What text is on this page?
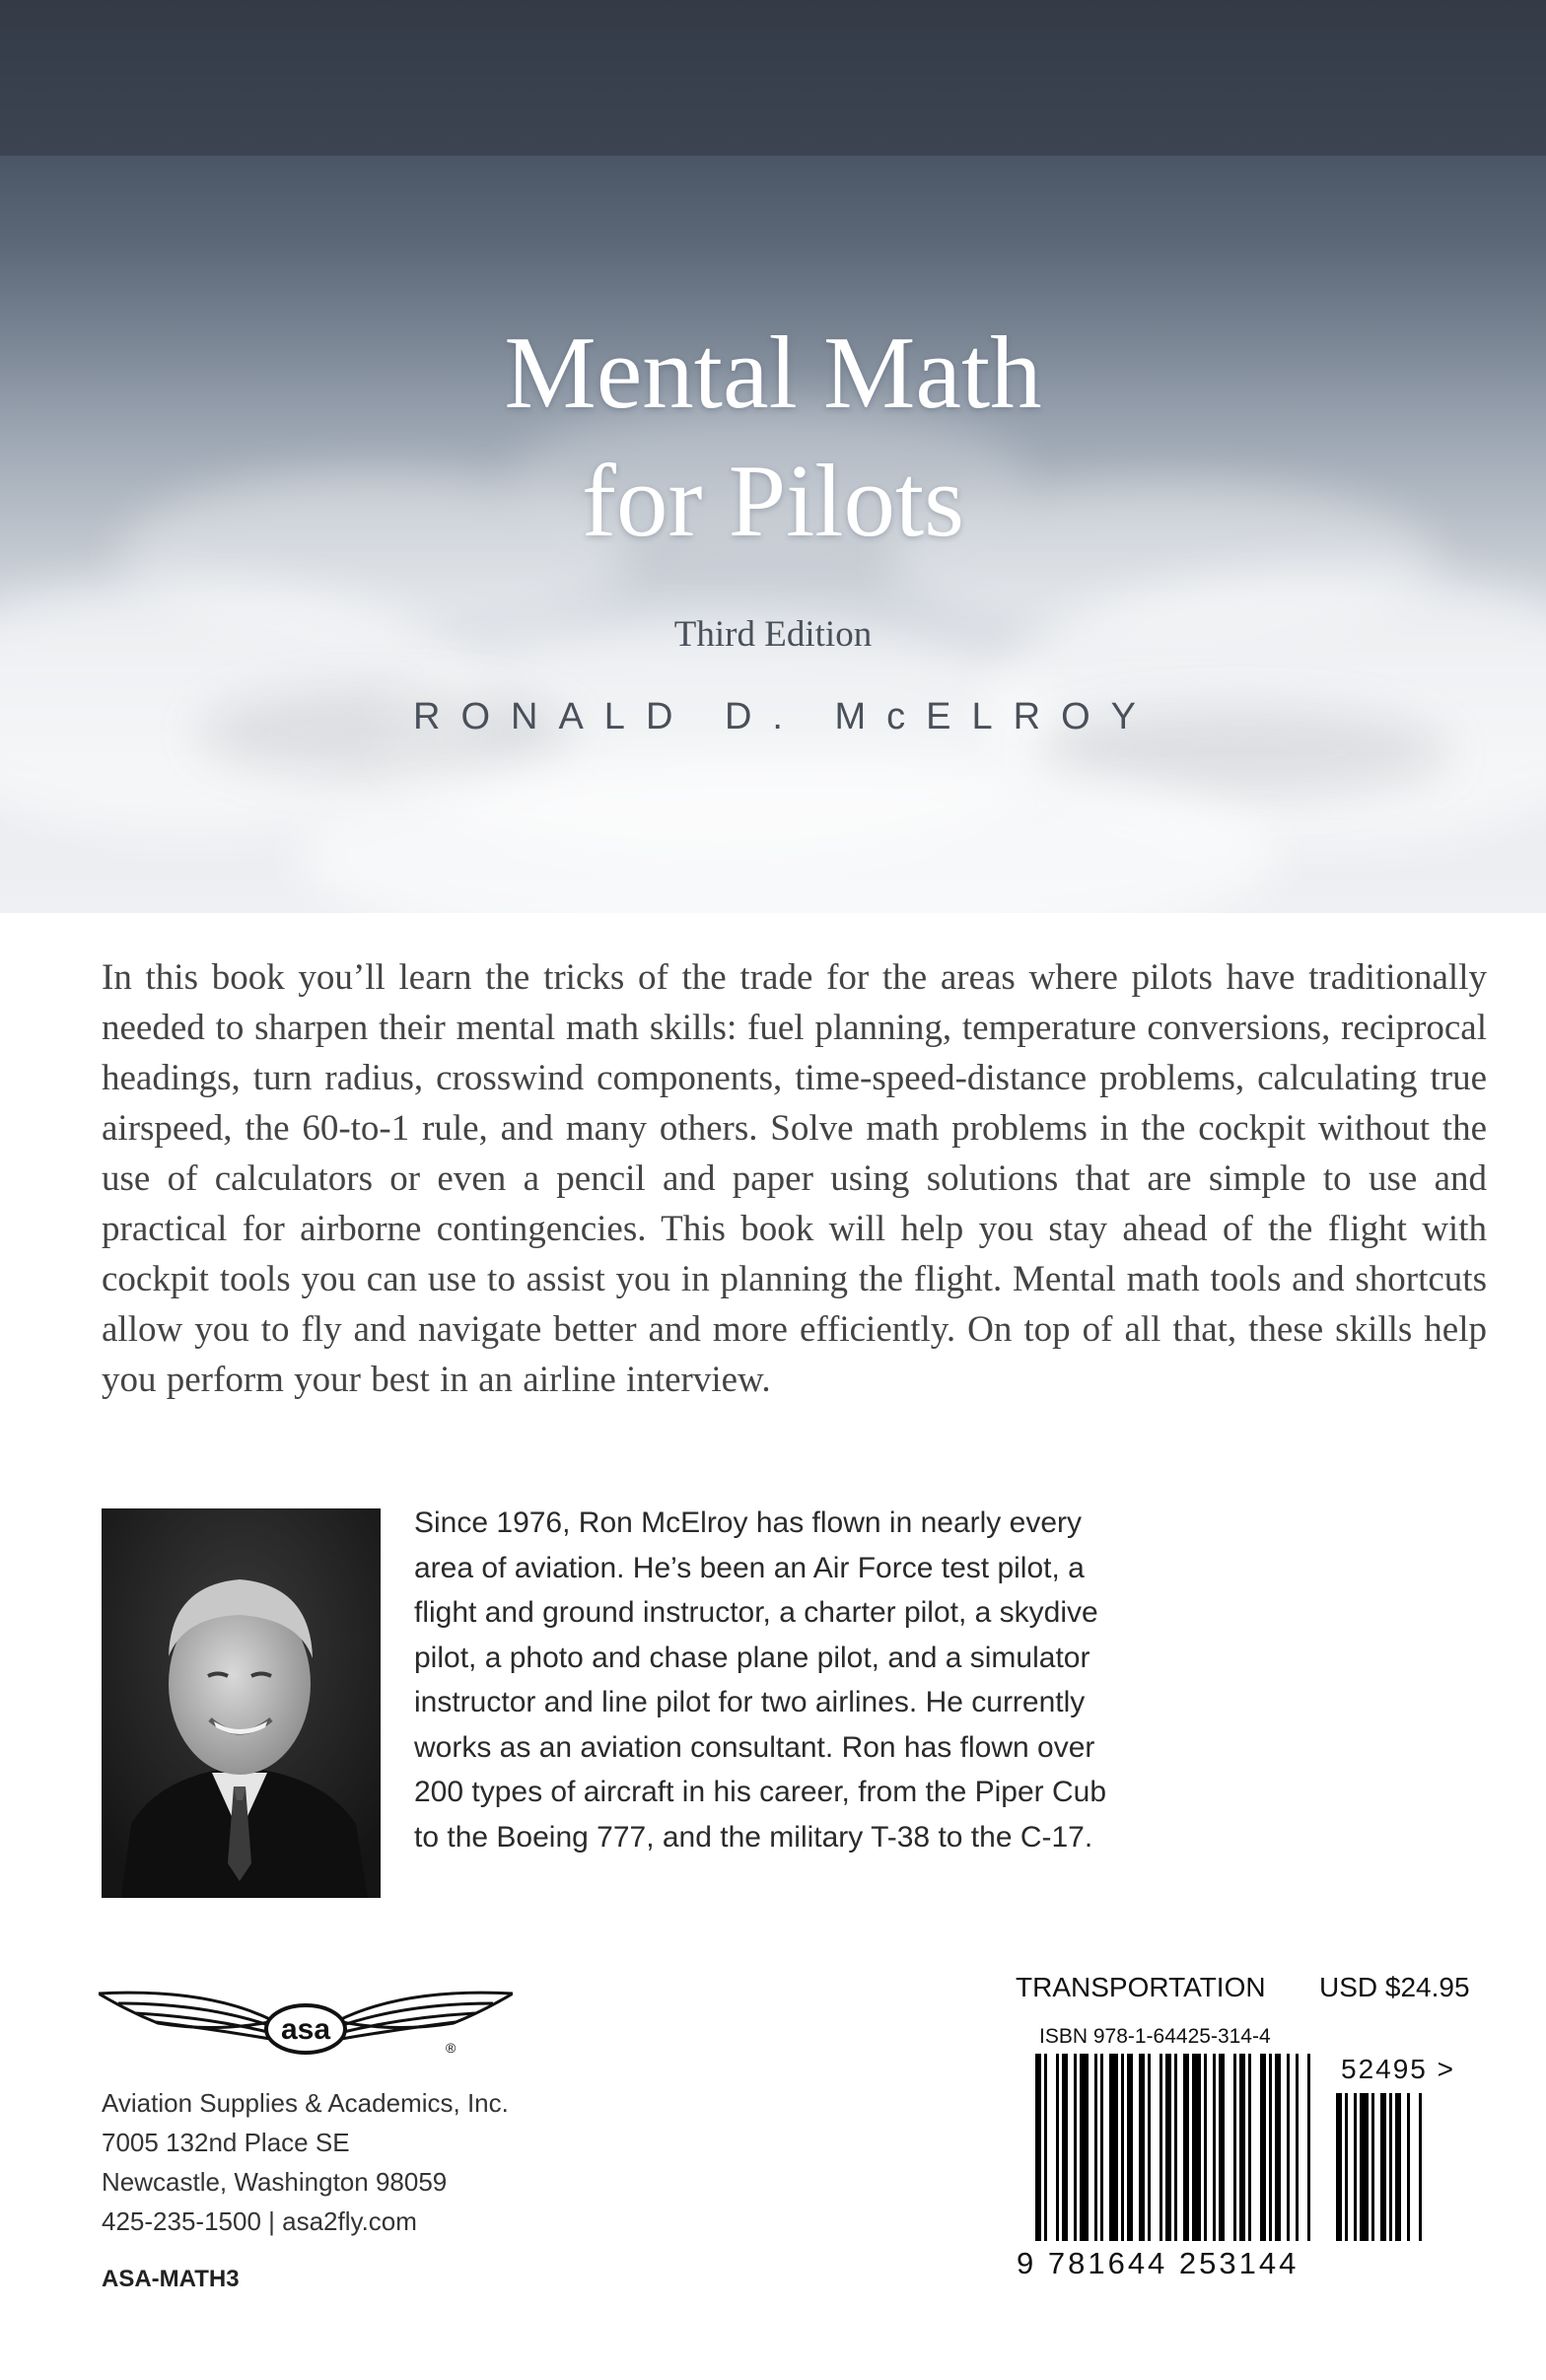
Mental Math
for Pilots
Third Edition
RONALD D. McELROY

In this book you’ll learn the tricks of the trade for the areas where pilots have traditionally needed to sharpen their mental math skills: fuel planning, temperature conversions, reciprocal headings, turn radius, crosswind components, time-speed-distance problems, calculating true airspeed, the 60-to-1 rule, and many others. Solve math problems in the cockpit without the use of calculators or even a pencil and paper using solutions that are simple to use and practical for airborne contingencies. This book will help you stay ahead of the flight with cockpit tools you can use to assist you in planning the flight. Mental math tools and shortcuts allow you to fly and navigate better and more efficiently. On top of all that, these skills help you perform your best in an airline interview.

Since 1976, Ron McElroy has flown in nearly every area of aviation. He’s been an Air Force test pilot, a flight and ground instructor, a charter pilot, a skydive pilot, a photo and chase plane pilot, and a simulator instructor and line pilot for two airlines. He currently works as an aviation consultant. Ron has flown over 200 types of aircraft in his career, from the Piper Cub to the Boeing 777, and the military T-38 to the C-17.

asa
®
Aviation Supplies & Academics, Inc.
7005 132nd Place SE
Newcastle, Washington 98059
425-235-1500 | asa2fly.com
ASA-MATH3
TRANSPORTATION USD $24.95
ISBN 978-1-64425-314-4
52495 >
9 781644 253144
